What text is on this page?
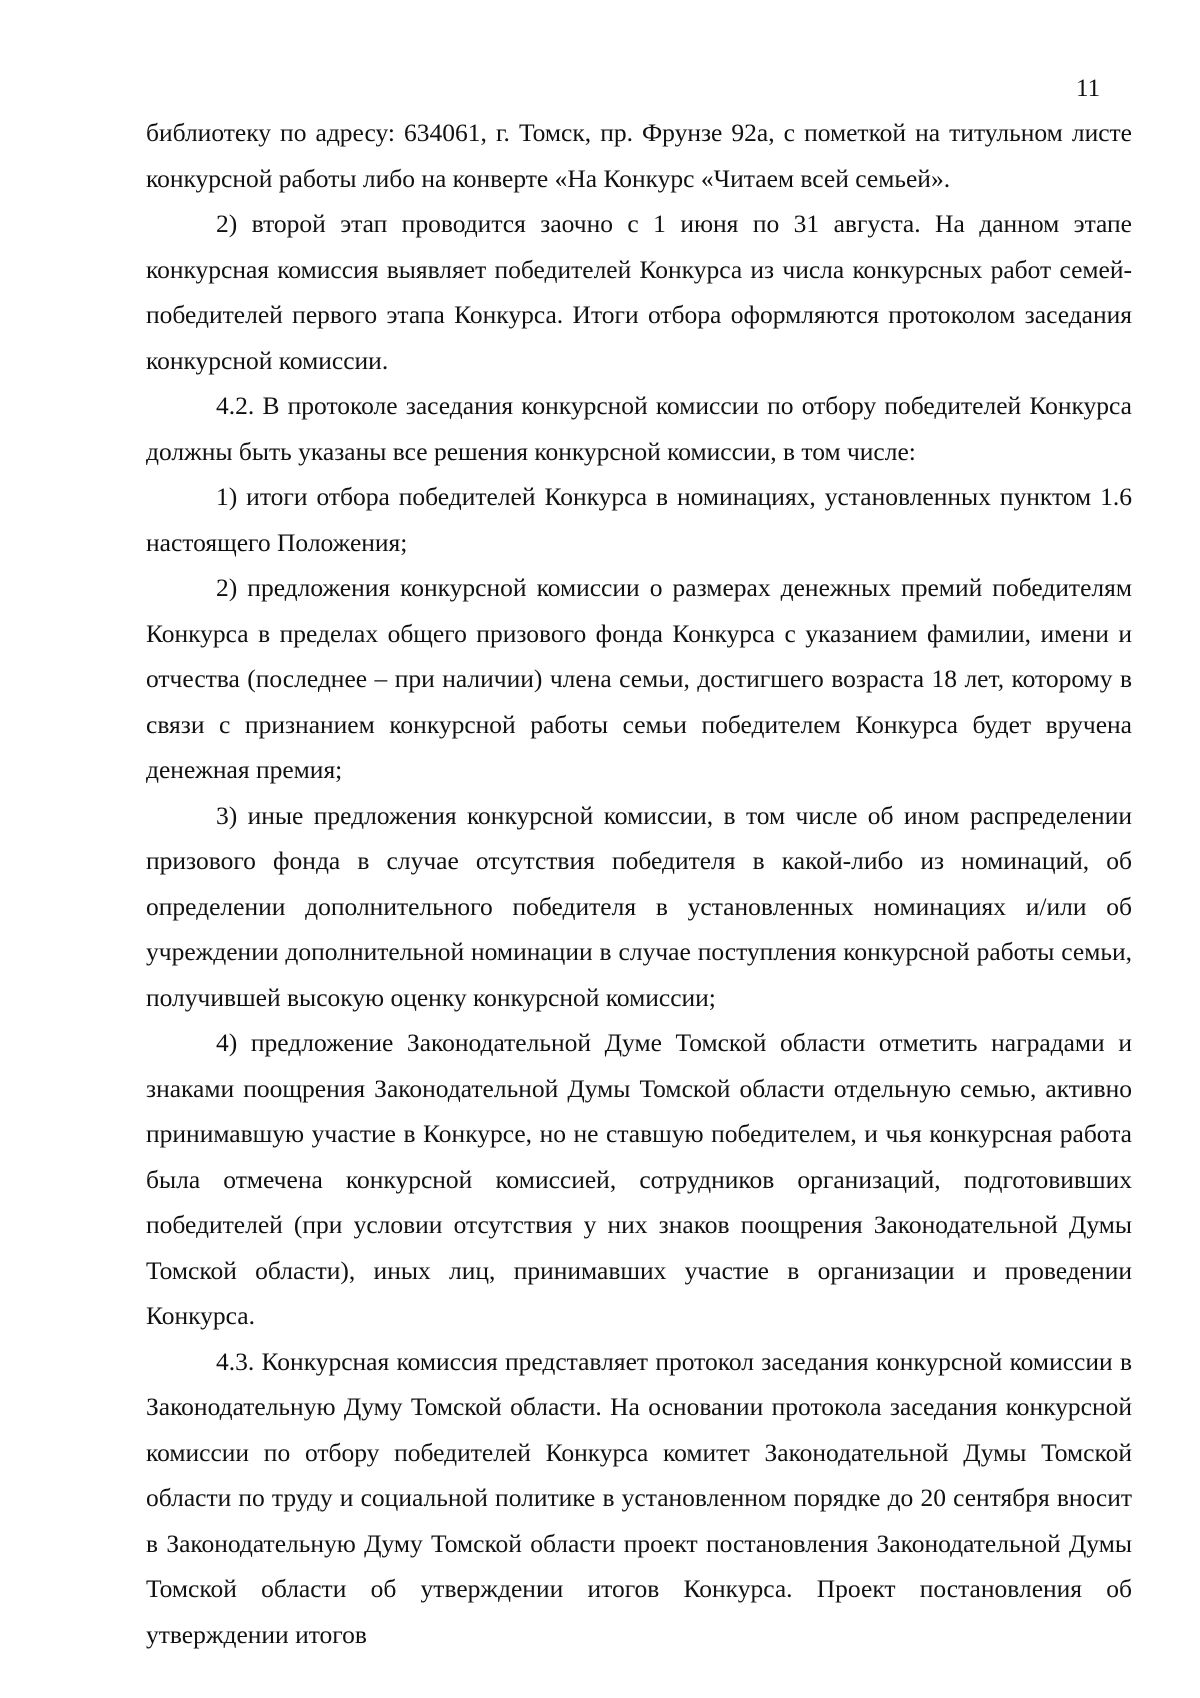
11

библиотеку по адресу: 634061, г. Томск, пр. Фрунзе 92а, с пометкой на титульном листе конкурсной работы либо на конверте «На Конкурс «Читаем всей семьей».

2) второй этап проводится заочно с 1 июня по 31 августа. На данном этапе конкурсная комиссия выявляет победителей Конкурса из числа конкурсных работ семей-победителей первого этапа Конкурса. Итоги отбора оформляются протоколом заседания конкурсной комиссии.

4.2. В протоколе заседания конкурсной комиссии по отбору победителей Конкурса должны быть указаны все решения конкурсной комиссии, в том числе:

1) итоги отбора победителей Конкурса в номинациях, установленных пунктом 1.6 настоящего Положения;

2) предложения конкурсной комиссии о размерах денежных премий победителям Конкурса в пределах общего призового фонда Конкурса с указанием фамилии, имени и отчества (последнее – при наличии) члена семьи, достигшего возраста 18 лет, которому в связи с признанием конкурсной работы семьи победителем Конкурса будет вручена денежная премия;

3) иные предложения конкурсной комиссии, в том числе об ином распределении призового фонда в случае отсутствия победителя в какой-либо из номинаций, об определении дополнительного победителя в установленных номинациях и/или об учреждении дополнительной номинации в случае поступления конкурсной работы семьи, получившей высокую оценку конкурсной комиссии;

4) предложение Законодательной Думе Томской области отметить наградами и знаками поощрения Законодательной Думы Томской области отдельную семью, активно принимавшую участие в Конкурсе, но не ставшую победителем, и чья конкурсная работа была отмечена конкурсной комиссией, сотрудников организаций, подготовивших победителей (при условии отсутствия у них знаков поощрения Законодательной Думы Томской области), иных лиц, принимавших участие в организации и проведении Конкурса.

4.3. Конкурсная комиссия представляет протокол заседания конкурсной комиссии в Законодательную Думу Томской области. На основании протокола заседания конкурсной комиссии по отбору победителей Конкурса комитет Законодательной Думы Томской области по труду и социальной политике в установленном порядке до 20 сентября вносит в Законодательную Думу Томской области проект постановления Законодательной Думы Томской области об утверждении итогов Конкурса. Проект постановления об утверждении итогов
